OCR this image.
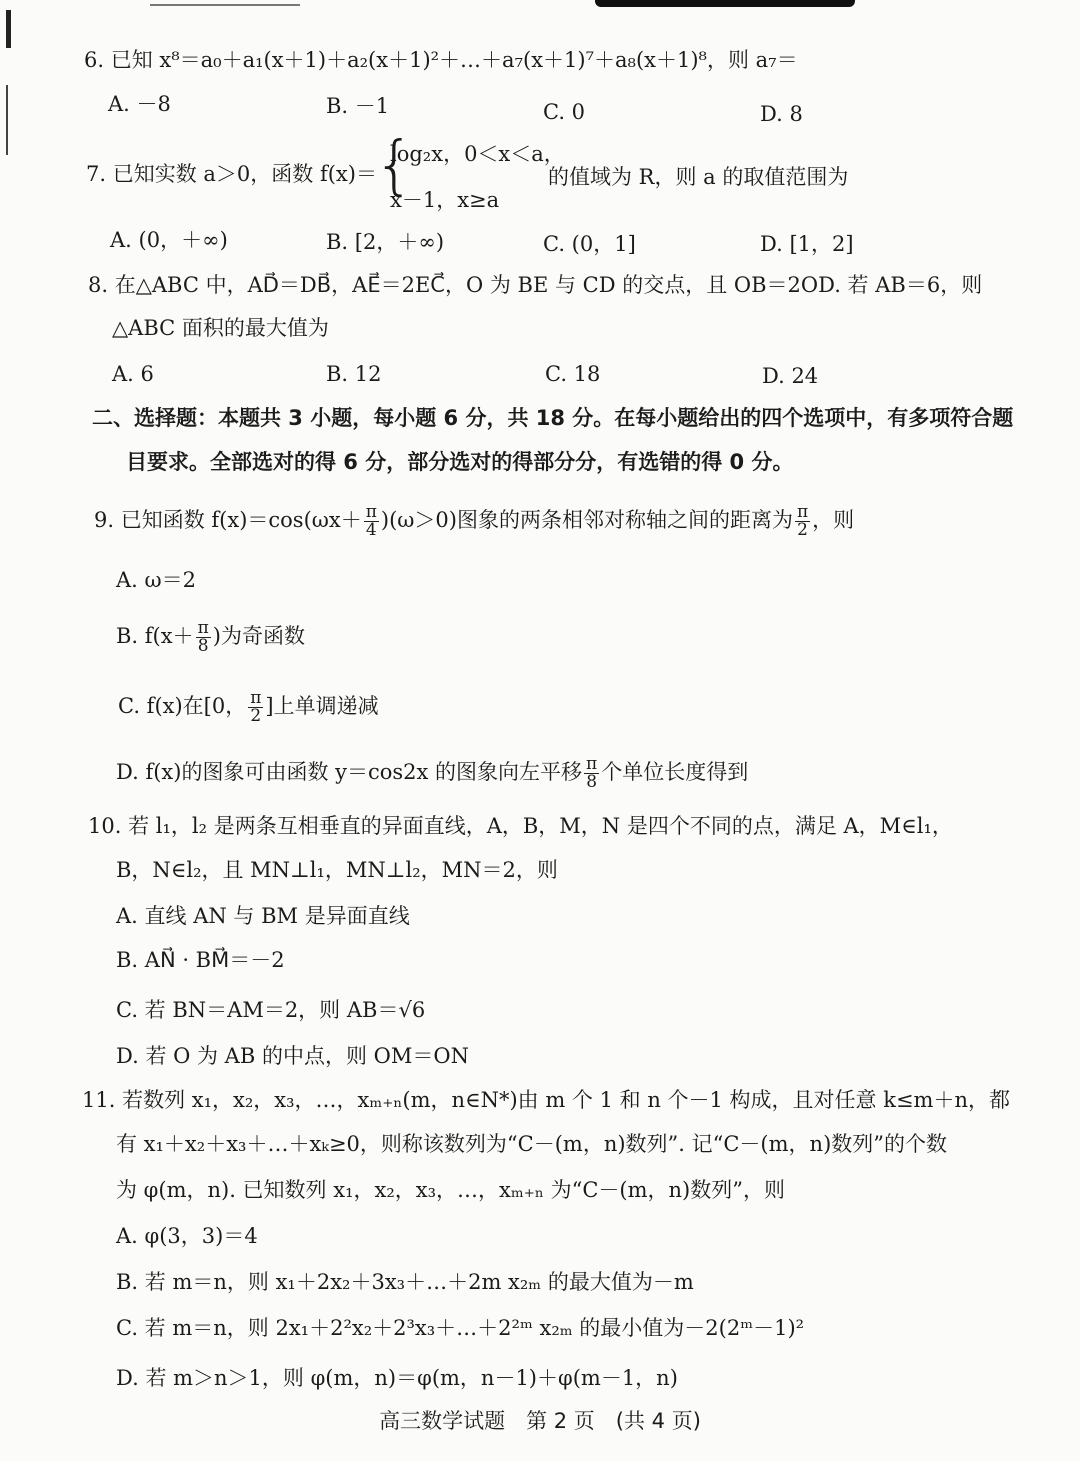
6. 已知 x⁸＝a₀＋a₁(x＋1)＋a₂(x＋1)²＋…＋a₇(x＋1)⁷＋a₈(x＋1)⁸，则 a₇＝
A. －8	B. －1	C. 0	D. 8
7. 已知实数 a＞0，函数 f(x)＝
{
log₂x，0＜x＜a，
x－1，x≥a
的值域为 R，则 a 的取值范围为
A. (0，＋∞)	B. [2，＋∞)	C. (0，1]	D. [1，2]
8. 在△ABC 中，AD⃗＝DB⃗，AE⃗＝2EC⃗，O 为 BE 与 CD 的交点，且 OB＝2OD. 若 AB＝6，则
△ABC 面积的最大值为
A. 6	B. 12	C. 18	D. 24
二、选择题：本题共 3 小题，每小题 6 分，共 18 分。在每小题给出的四个选项中，有多项符合题
目要求。全部选对的得 6 分，部分选对的得部分分，有选错的得 0 分。
9. 已知函数 $f(x)=\cos(\omega x+ \frac{\pi}{4} )(\omega>0)$图象的两条相邻对称轴之间的距离为 $\frac{\pi}{2}$ ，则
A. ω＝2
B. $f(x+ \frac{\pi}{8}$ )为奇函数
C. f(x)在[0， $\frac{\pi}{2}$ ]上单调递减
D. f(x)的图象可由函数 y＝cos2x 的图象向左平移 $\frac{\pi}{8}$ 个单位长度得到
10. 若 l₁，l₂ 是两条互相垂直的异面直线，A，B，M，N 是四个不同的点，满足 A，M∈l₁，
B，N∈l₂，且 MN⊥l₁，MN⊥l₂，MN＝2，则
A. 直线 AN 与 BM 是异面直线
B. AN⃗ · BM⃗＝－2
C. 若 BN＝AM＝2，则 AB＝√6
D. 若 O 为 AB 的中点，则 OM＝ON
11. 若数列 x₁，x₂，x₃，…，xₘ₊ₙ(m，n∈N*)由 m 个 1 和 n 个－1 构成，且对任意 k≤m＋n，都
有 x₁＋x₂＋x₃＋…＋xₖ≥0，则称该数列为“C－(m，n)数列”. 记“C－(m，n)数列”的个数
为 φ(m，n). 已知数列 x₁，x₂，x₃，…，xₘ₊ₙ 为“C－(m，n)数列”，则
A. φ(3，3)＝4
B. 若 m＝n，则 x₁＋2x₂＋3x₃＋…＋2m x₂ₘ 的最大值为－m
C. 若 m＝n，则 2x₁＋2²x₂＋2³x₃＋…＋2²ᵐ x₂ₘ 的最小值为－2(2ᵐ－1)²
D. 若 m＞n＞1，则 φ(m，n)＝φ(m，n－1)＋φ(m－1，n)
高三数学试题　第 2 页　(共 4 页)
